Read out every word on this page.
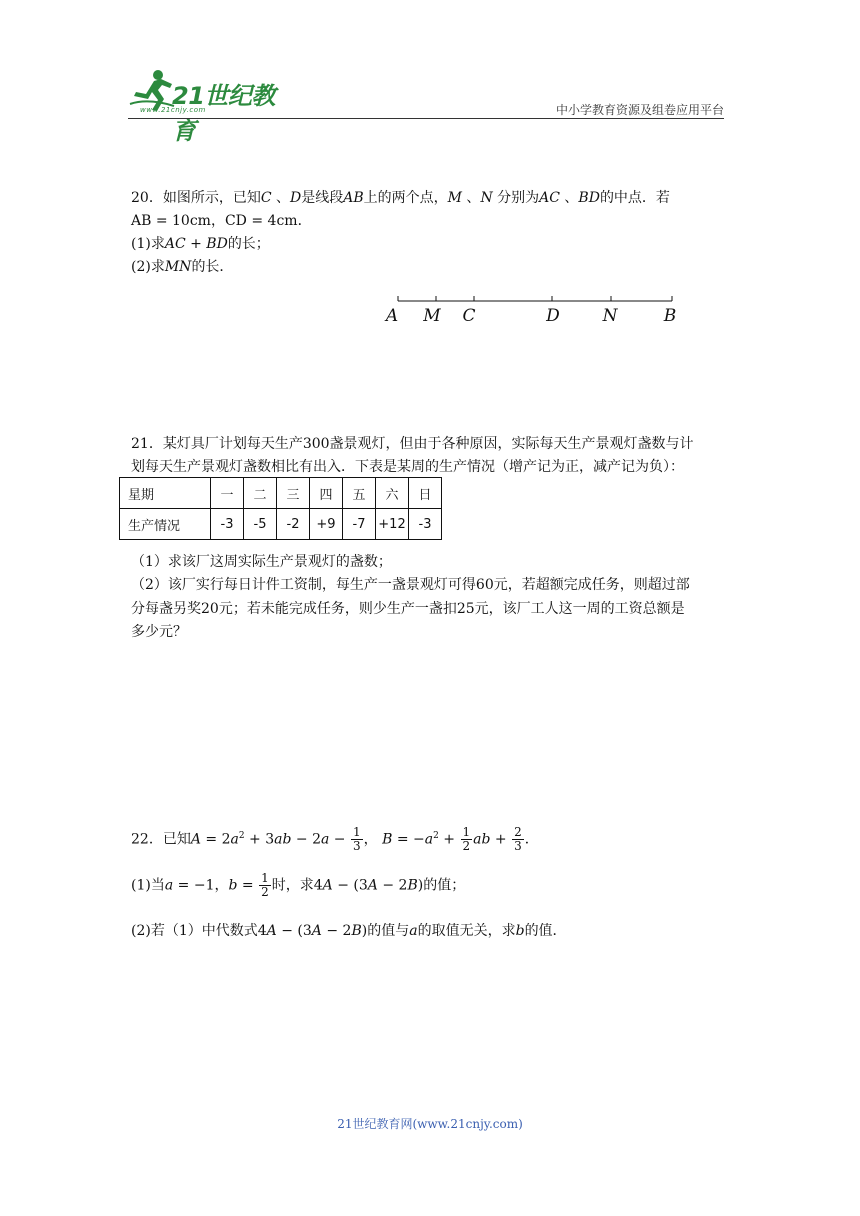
21世纪教育
www.21cnjy.com	中小学教育资源及组卷应用平台
20．如图所示，已知C 、D是线段AB上的两个点，M 、N 分别为AC 、BD的中点．若
AB = 10cm，CD = 4cm．
(1)求AC + BD的长；
(2)求MN的长．
A M C	D	N	B
21．某灯具厂计划每天生产300盏景观灯，但由于各种原因，实际每天生产景观灯盏数与计
划每天生产景观灯盏数相比有出入．下表是某周的生产情况（增产记为正，减产记为负）：
星期	一	二	三	四	五	六	日
生产情况	-3	-5	-2	+9	-7	+12	-3
（1）求该厂这周实际生产景观灯的盏数；
（2）该厂实行每日计件工资制，每生产一盏景观灯可得60元，若超额完成任务，则超过部
分每盏另奖20元；若未能完成任务，则少生产一盏扣25元，该厂工人这一周的工资总额是
多少元？
22．已知$A = 2a^2 + 3ab - 2a - \frac{1}{3}$ ， $B = -a^2 + \frac{1}{2}$ ab + $\frac{2}{3}$ ．
(1)当a = −1，$b = \frac{1}{2}$ 时，求4A − (3A − 2B)的值；
(2)若（1）中代数式4A − (3A − 2B)的值与a的取值无关，求b的值．
21世纪教育网(www.21cnjy.com)
